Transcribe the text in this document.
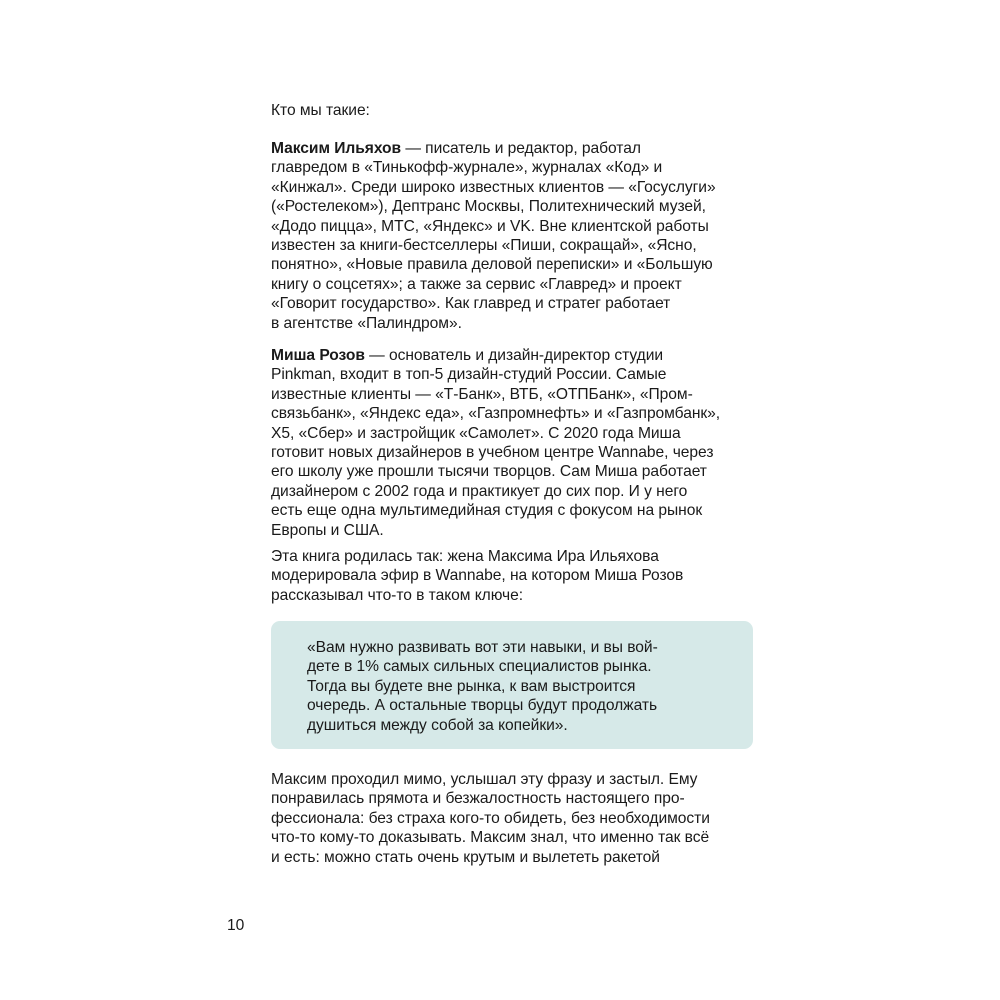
Кто мы такие:
Максим Ильяхов — писатель и редактор, работал
главредом в «Тинькофф-журнале», журналах «Код» и
«Кинжал». Среди широко известных клиентов — «Госуслуги»
(«Ростелеком»), Дептранс Москвы, Политехнический музей,
«Додо пицца», МТС, «Яндекс» и VK. Вне клиентской работы
известен за книги-бестселлеры «Пиши, сокращай», «Ясно,
понятно», «Новые правила деловой переписки» и «Большую
книгу о соцсетях»; а также за сервис «Главред» и проект
«Говорит государство». Как главред и стратег работает
в агентстве «Палиндром».
Миша Розов — основатель и дизайн-директор студии
Pinkman, входит в топ-5 дизайн-студий России. Самые
известные клиенты — «Т-Банк», ВТБ, «ОТПБанк», «Пром-
связьбанк», «Яндекс еда», «Газпромнефть» и «Газпромбанк»,
Х5, «Сбер» и застройщик «Самолет». С 2020 года Миша
готовит новых дизайнеров в учебном центре Wannabe, через
его школу уже прошли тысячи творцов. Сам Миша работает
дизайнером с 2002 года и практикует до сих пор. И у него
есть еще одна мультимедийная студия с фокусом на рынок
Европы и США.
Эта книга родилась так: жена Максима Ира Ильяхова
модерировала эфир в Wannabe, на котором Миша Розов
рассказывал что-то в таком ключе:
«Вам нужно развивать вот эти навыки, и вы вой-
дете в 1% самых сильных специалистов рынка.
Тогда вы будете вне рынка, к вам выстроится
очередь. А остальные творцы будут продолжать
душиться между собой за копейки».
Максим проходил мимо, услышал эту фразу и застыл. Ему
понравилась прямота и безжалостность настоящего про-
фессионала: без страха кого-то обидеть, без необходимости
что-то кому-то доказывать. Максим знал, что именно так всё
и есть: можно стать очень крутым и вылететь ракетой
10
